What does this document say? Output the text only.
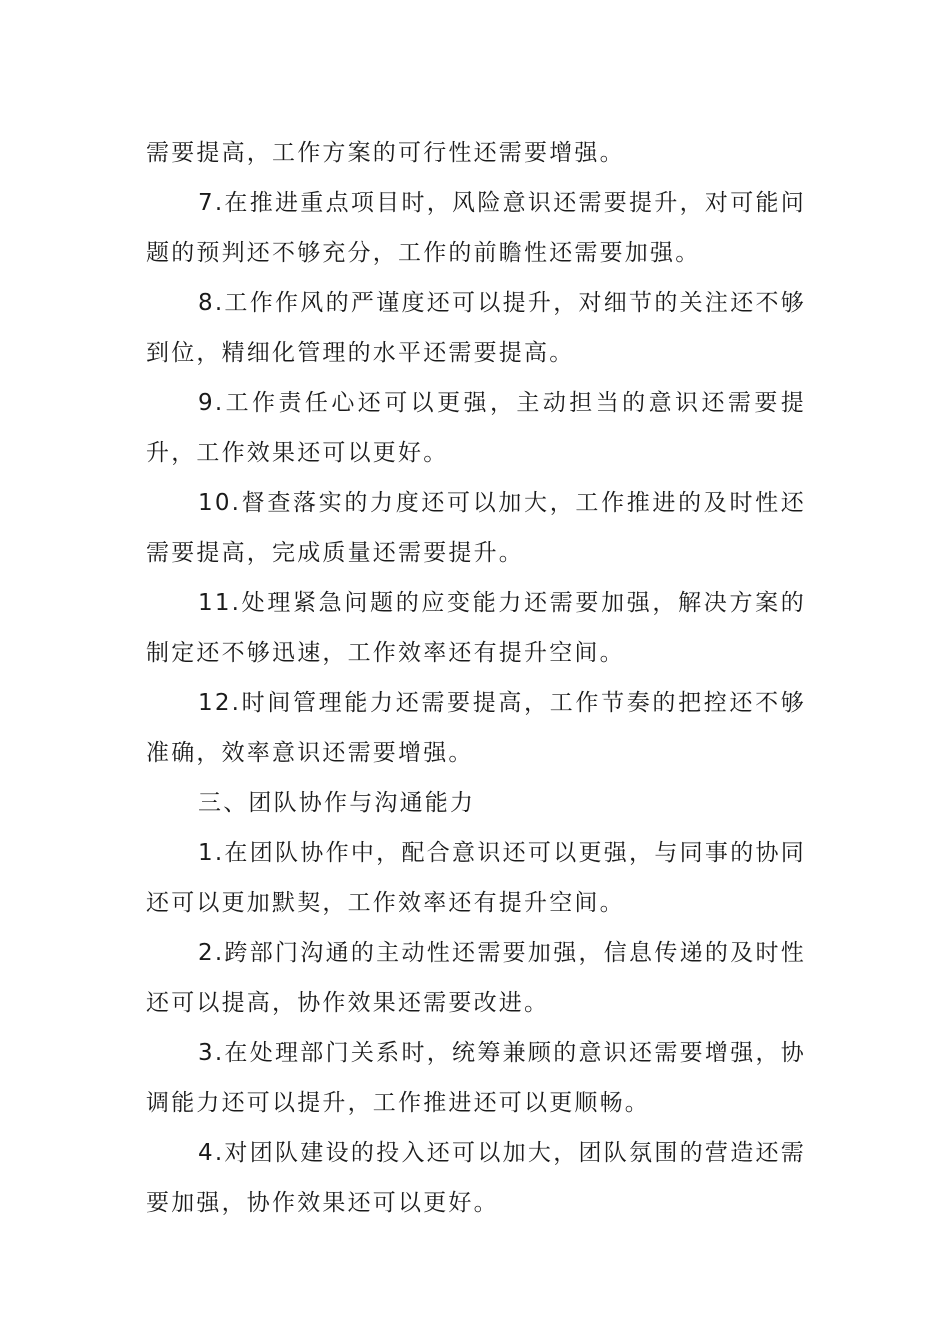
需要提高，工作方案的可行性还需要增强。

7.在推进重点项目时，风险意识还需要提升，对可能问题的预判还不够充分，工作的前瞻性还需要加强。

8.工作作风的严谨度还可以提升，对细节的关注还不够到位，精细化管理的水平还需要提高。

9.工作责任心还可以更强，主动担当的意识还需要提升，工作效果还可以更好。

10.督查落实的力度还可以加大，工作推进的及时性还需要提高，完成质量还需要提升。

11.处理紧急问题的应变能力还需要加强，解决方案的制定还不够迅速，工作效率还有提升空间。

12.时间管理能力还需要提高，工作节奏的把控还不够准确，效率意识还需要增强。

三、团队协作与沟通能力

1.在团队协作中，配合意识还可以更强，与同事的协同还可以更加默契，工作效率还有提升空间。

2.跨部门沟通的主动性还需要加强，信息传递的及时性还可以提高，协作效果还需要改进。

3.在处理部门关系时，统筹兼顾的意识还需要增强，协调能力还可以提升，工作推进还可以更顺畅。

4.对团队建设的投入还可以加大，团队氛围的营造还需要加强，协作效果还可以更好。
